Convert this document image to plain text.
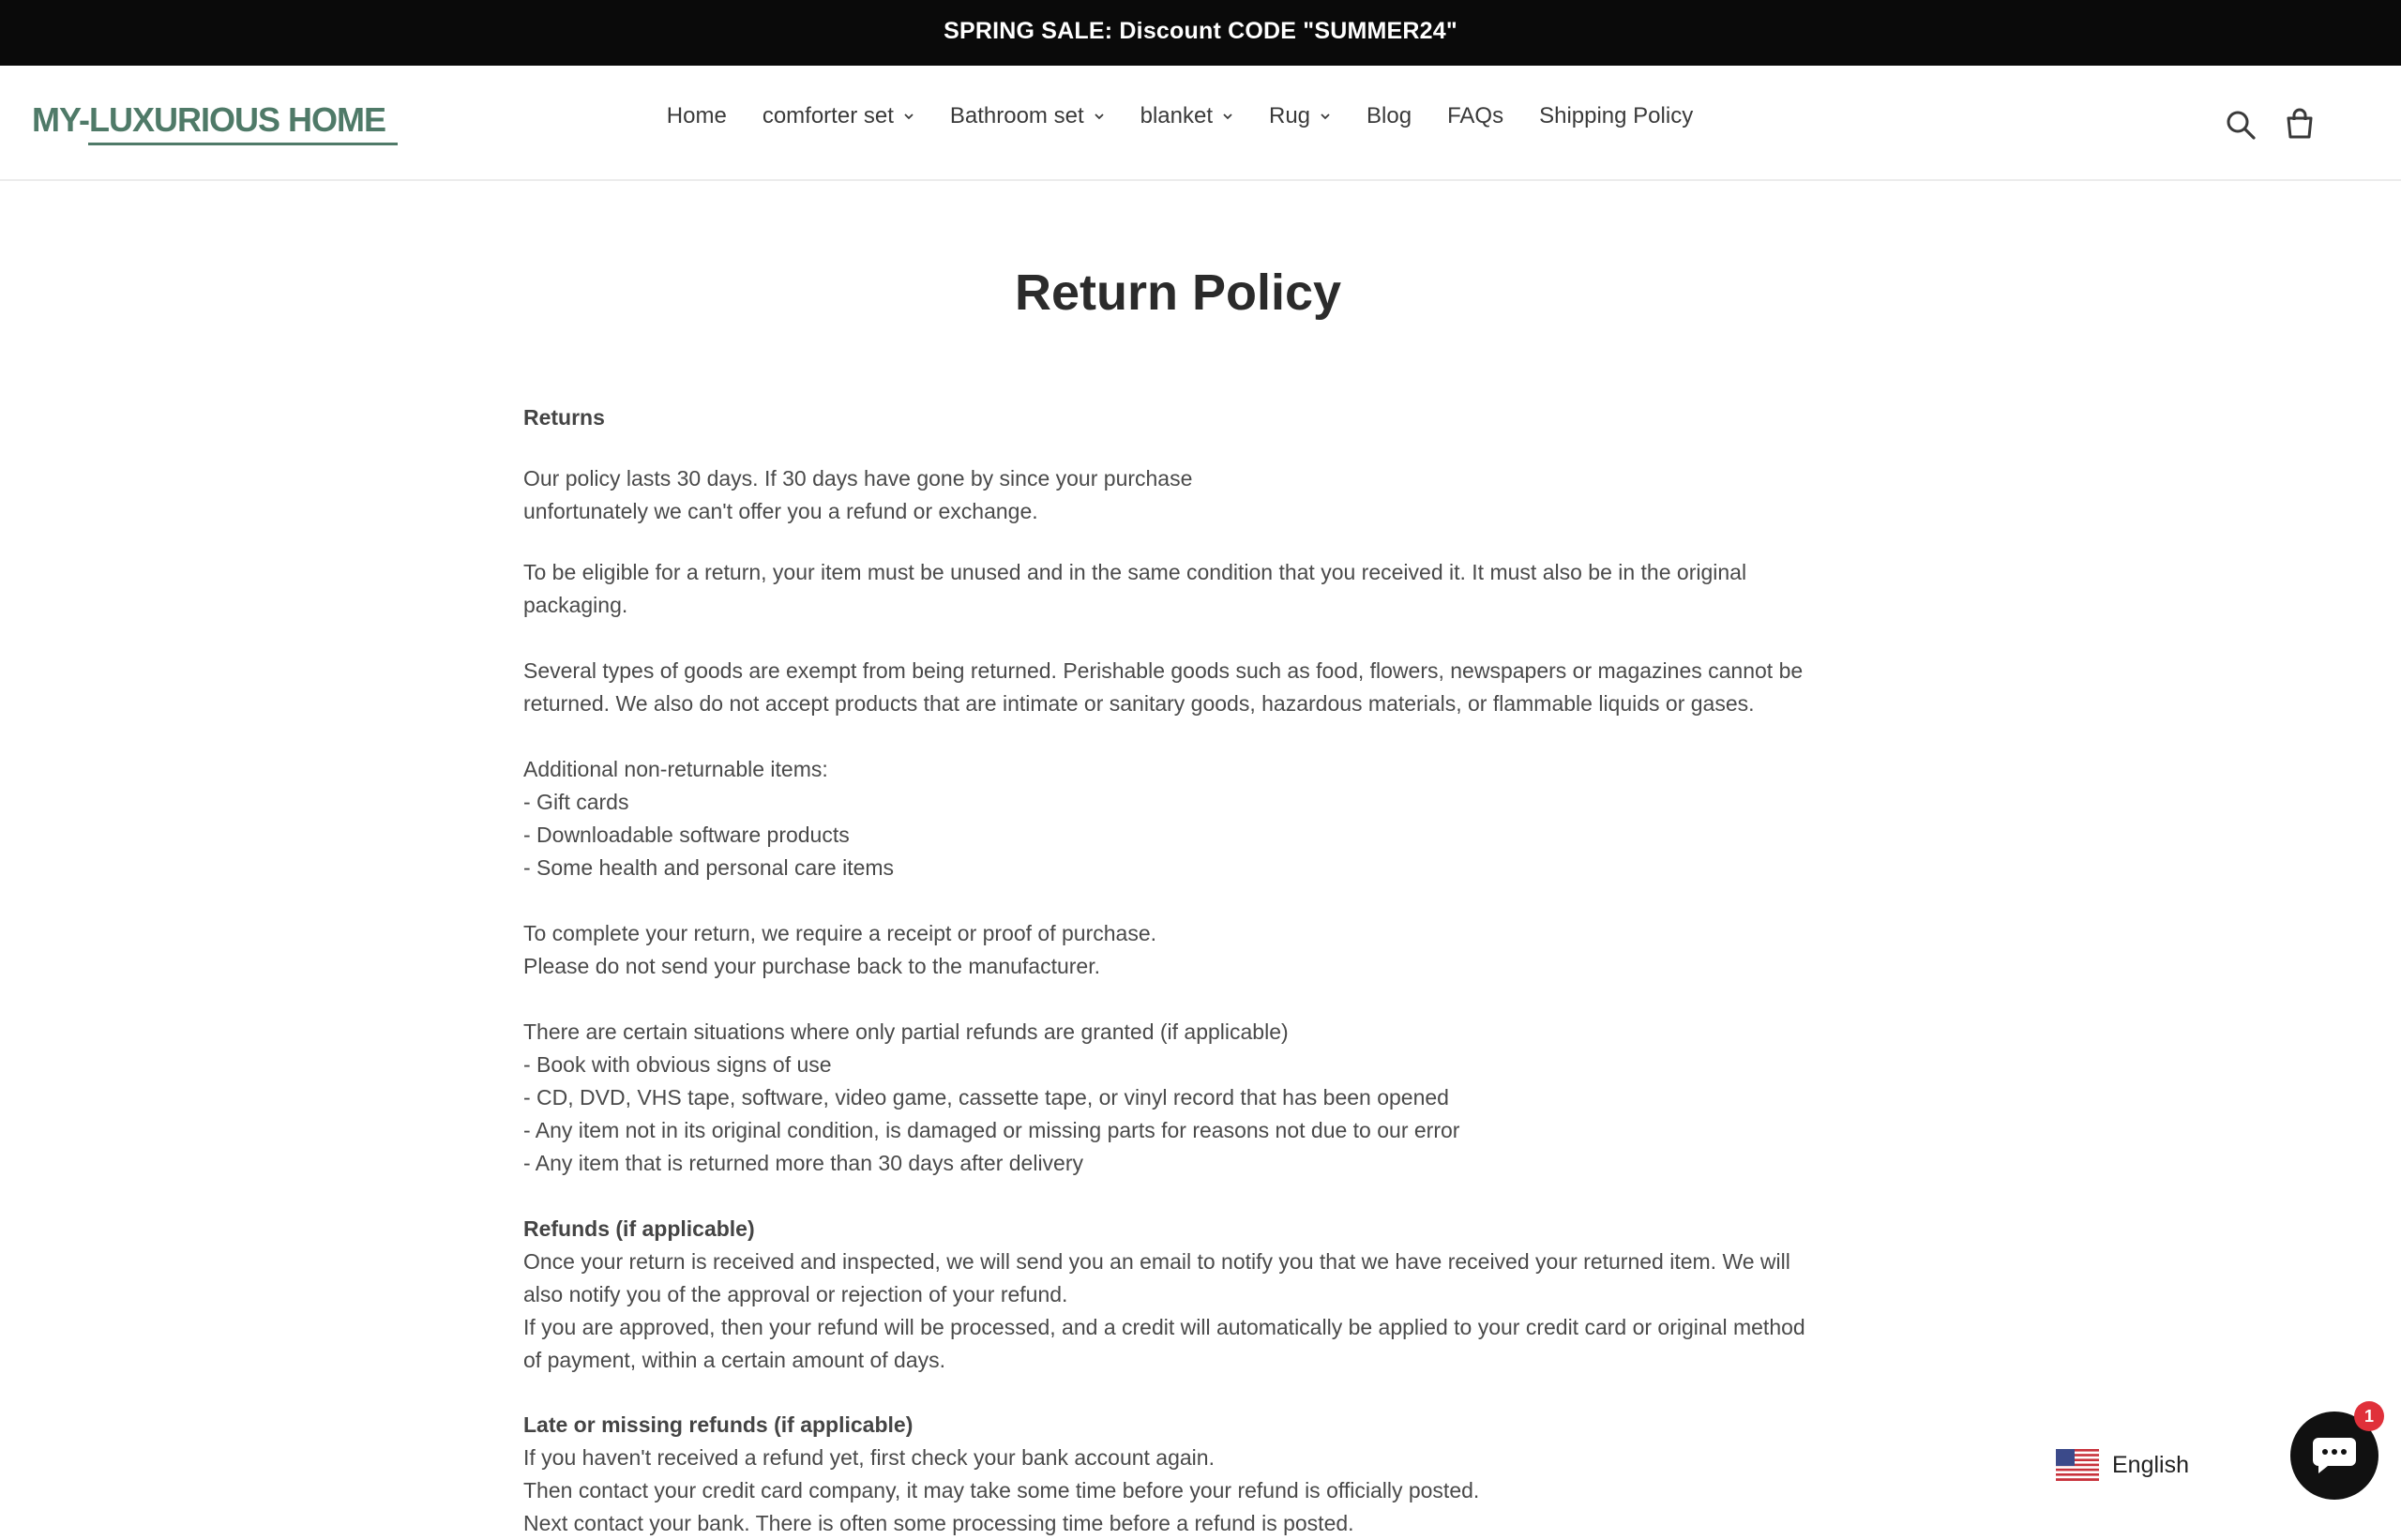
SPRING SALE: Discount CODE "SUMMER24"
MY-LUXURIOUS HOME	Home comforter set	Bathroom set	blanket	Rug	Blog FAQs Shipping Policy
Return Policy
Returns
Our policy lasts 30 days. If 30 days have gone by since your purchase
unfortunately we can't offer you a refund or exchange.
To be eligible for a return, your item must be unused and in the same condition that you received it. It must also be in the original
packaging.
Several types of goods are exempt from being returned. Perishable goods such as food, flowers, newspapers or magazines cannot be
returned. We also do not accept products that are intimate or sanitary goods, hazardous materials, or flammable liquids or gases.
Additional non-returnable items:
- Gift cards
- Downloadable software products
- Some health and personal care items
To complete your return, we require a receipt or proof of purchase.
Please do not send your purchase back to the manufacturer.
There are certain situations where only partial refunds are granted (if applicable)
- Book with obvious signs of use
- CD, DVD, VHS tape, software, video game, cassette tape, or vinyl record that has been opened
- Any item not in its original condition, is damaged or missing parts for reasons not due to our error
- Any item that is returned more than 30 days after delivery
Refunds (if applicable)
Once your return is received and inspected, we will send you an email to notify you that we have received your returned item. We will
also notify you of the approval or rejection of your refund.
If you are approved, then your refund will be processed, and a credit will automatically be applied to your credit card or original method
of payment, within a certain amount of days.
Late or missing refunds (if applicable)
If you haven't received a refund yet, first check your bank account again.
Then contact your credit card company, it may take some time before your refund is officially posted.
Next contact your bank. There is often some processing time before a refund is posted.
English
1
